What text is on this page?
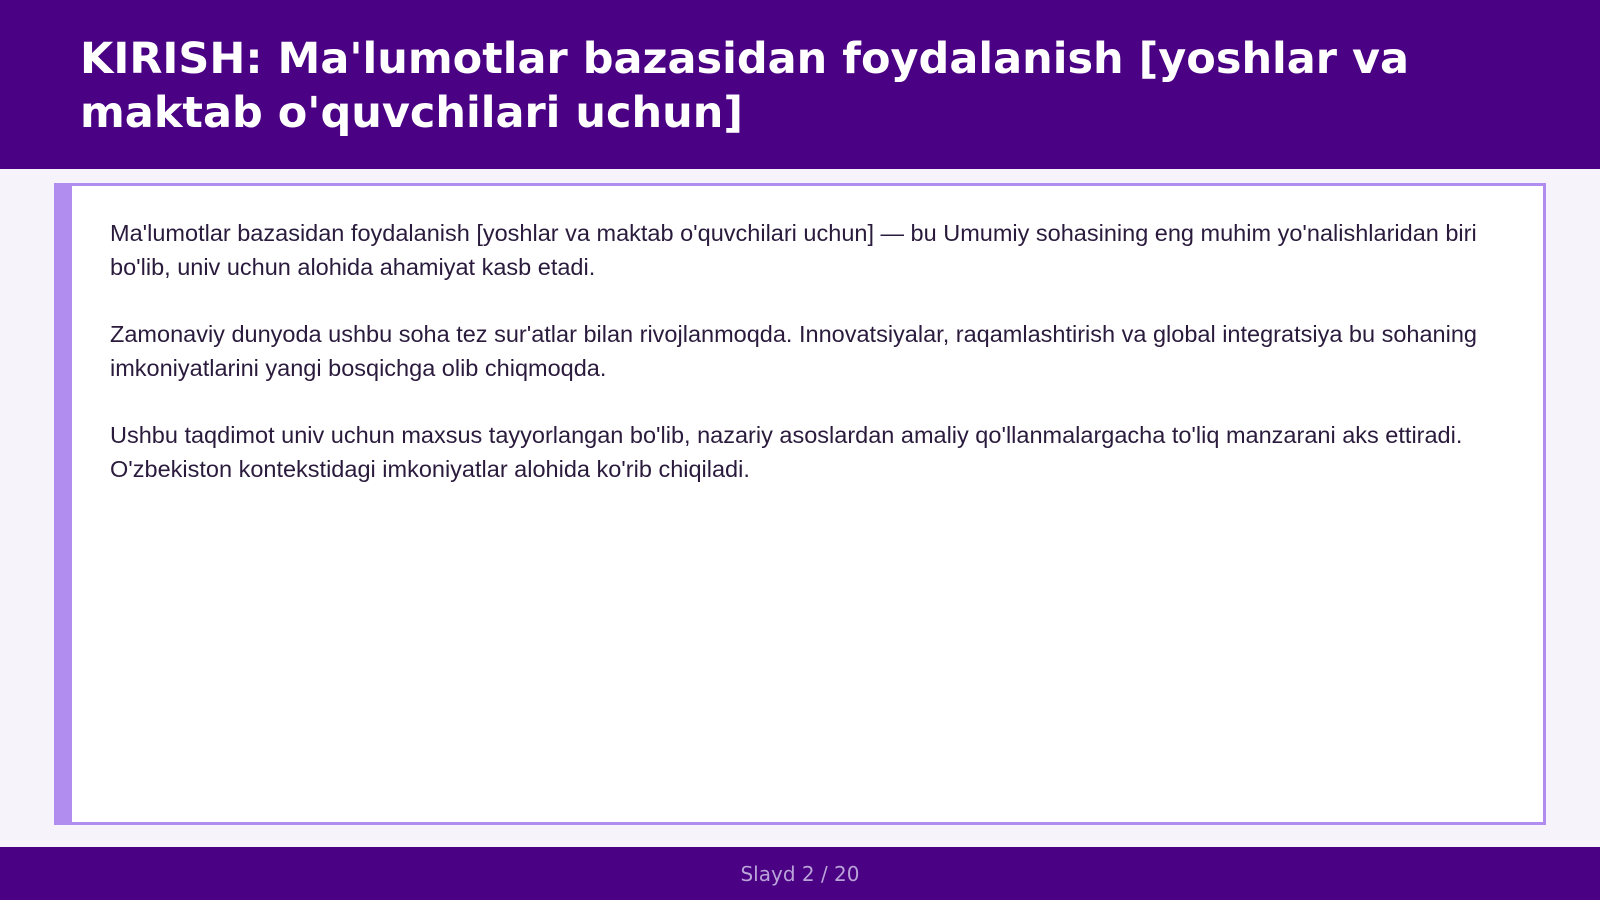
KIRISH: Ma'lumotlar bazasidan foydalanish [yoshlar va maktab o'quvchilari uchun]

Ma'lumotlar bazasidan foydalanish [yoshlar va maktab o'quvchilari uchun] — bu Umumiy sohasining eng muhim yo'nalishlaridan biri bo'lib, univ uchun alohida ahamiyat kasb etadi.

Zamonaviy dunyoda ushbu soha tez sur'atlar bilan rivojlanmoqda. Innovatsiyalar, raqamlashtirish va global integratsiya bu sohaning imkoniyatlarini yangi bosqichga olib chiqmoqda.

Ushbu taqdimot univ uchun maxsus tayyorlangan bo'lib, nazariy asoslardan amaliy qo'llanmalargacha to'liq manzarani aks ettiradi. O'zbekiston kontekstidagi imkoniyatlar alohida ko'rib chiqiladi.

Slayd 2 / 20
